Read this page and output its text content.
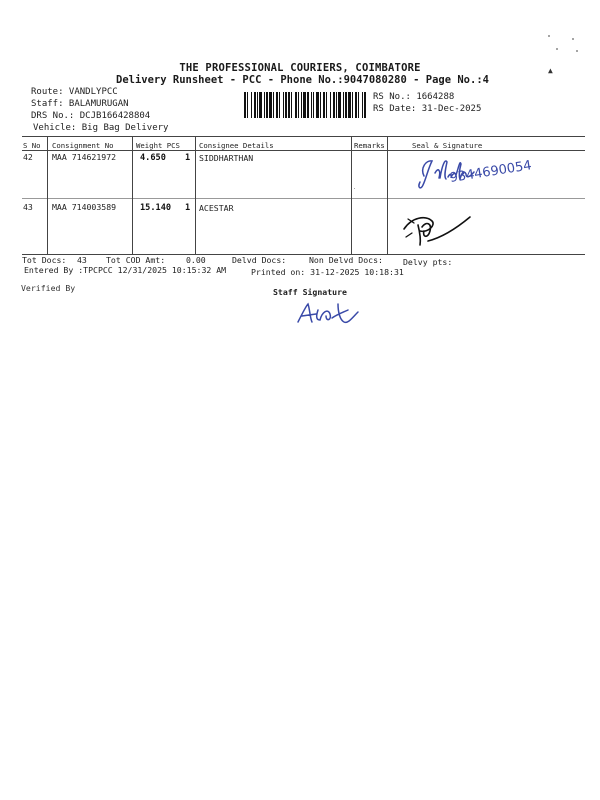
▲
THE PROFESSIONAL COURIERS, COIMBATORE
Delivery Runsheet - PCC - Phone No.:9047080280 - Page No.:4
Route: VANDLYPCC
Staff: BALAMURUGAN
DRS No.: DCJB166428804
Vehicle: Big Bag Delivery
RS No.: 1664288
RS Date: 31-Dec-2025
S No Consignment No	Weight PCS	Consignee Details	Remarks	Seal & Signature
42 MAA 714621972	4.650 1 SIDDHARTHAN
43 MAA 714003589	15.140 1 ACESTAR
9344690054
Tot Docs: 43 Tot COD Amt:	0.00	Delvd Docs:	Non Delvd Docs: Delvy pts:
Entered By :TPCPCC 12/31/2025 10:15:32 AM	Printed on: 31-12-2025 10:18:31
Verified By	Staff Signature
